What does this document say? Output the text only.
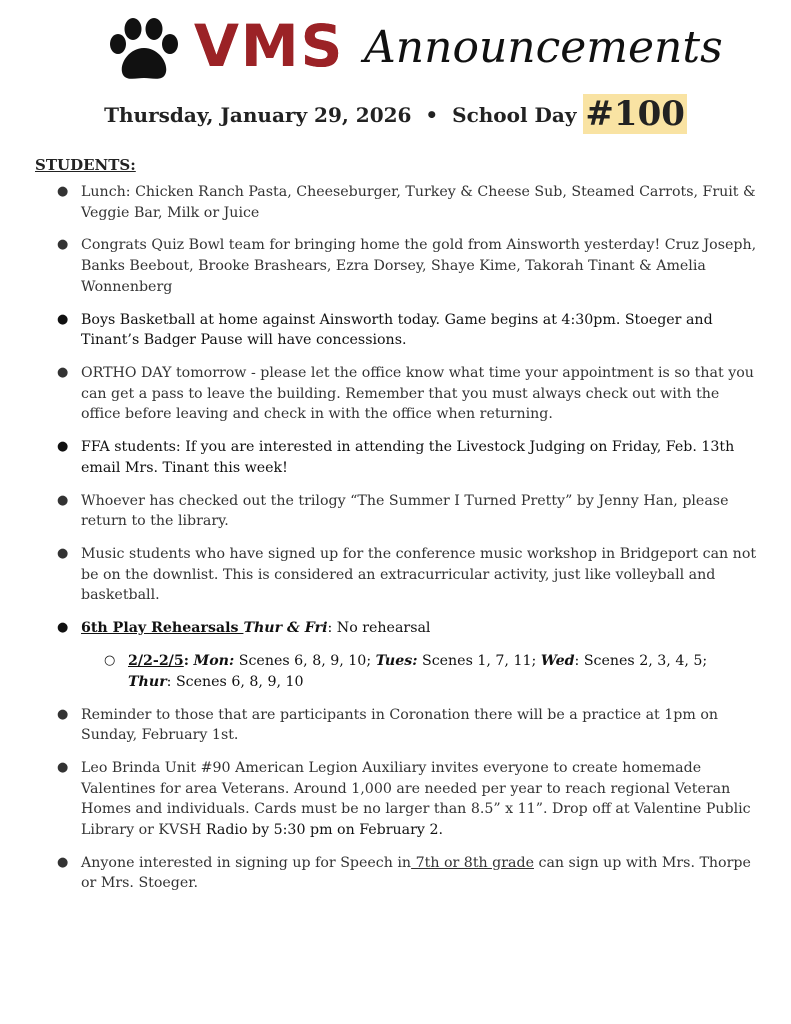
VMS Announcements
Thursday, January 29, 2026 • School Day #100
STUDENTS:
● Lunch: Chicken Ranch Pasta, Cheeseburger, Turkey & Cheese Sub, Steamed Carrots, Fruit & Veggie Bar, Milk or Juice
● Congrats Quiz Bowl team for bringing home the gold from Ainsworth yesterday! Cruz Joseph, Banks Beebout, Brooke Brashears, Ezra Dorsey, Shaye Kime, Takorah Tinant & Amelia Wonnenberg
● Boys Basketball at home against Ainsworth today. Game begins at 4:30pm. Stoeger and Tinant’s Badger Pause will have concessions.
● ORTHO DAY tomorrow - please let the office know what time your appointment is so that you can get a pass to leave the building. Remember that you must always check out with the office before leaving and check in with the office when returning.
● FFA students: If you are interested in attending the Livestock Judging on Friday, Feb. 13th email Mrs. Tinant this week!
● Whoever has checked out the trilogy “The Summer I Turned Pretty” by Jenny Han, please return to the library.
● Music students who have signed up for the conference music workshop in Bridgeport can not be on the downlist. This is considered an extracurricular activity, just like volleyball and basketball.
● 6th Play Rehearsals Thur & Fri: No rehearsal
○ 2/2-2/5: Mon: Scenes 6, 8, 9, 10; Tues: Scenes 1, 7, 11; Wed: Scenes 2, 3, 4, 5; Thur: Scenes 6, 8, 9, 10
● Reminder to those that are participants in Coronation there will be a practice at 1pm on Sunday, February 1st.
● Leo Brinda Unit #90 American Legion Auxiliary invites everyone to create homemade Valentines for area Veterans. Around 1,000 are needed per year to reach regional Veteran Homes and individuals. Cards must be no larger than 8.5” x 11”. Drop off at Valentine Public Library or KVSH Radio by 5:30 pm on February 2.
● Anyone interested in signing up for Speech in 7th or 8th grade can sign up with Mrs. Thorpe or Mrs. Stoeger.
